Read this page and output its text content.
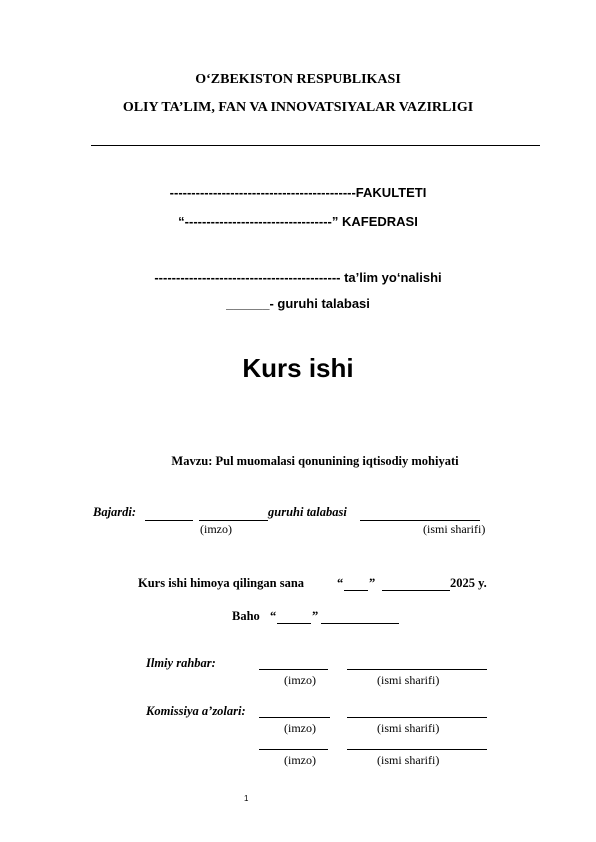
O‘ZBEKISTON RESPUBLIKASI
OLIY TA’LIM, FAN VA INNOVATSIYALAR VAZIRLIGI
-------------------------------------------FAKULTETI
“----------------------------------” KAFEDRASI
------------------------------------------- ta’lim yo‘nalishi
______- guruhi talabasi
Kurs ishi
Mavzu: Pul muomalasi qonunining iqtisodiy mohiyati
Bajardi:	guruhi talabasi
(imzo)	(ismi sharifi)
Kurs ishi himoya qilingan sana	“ ”	2025 y.
Baho “	”
Ilmiy rahbar:
(imzo)	(ismi sharifi)
Komissiya a’zolari:
(imzo)	(ismi sharifi)
(imzo)	(ismi sharifi)
1
